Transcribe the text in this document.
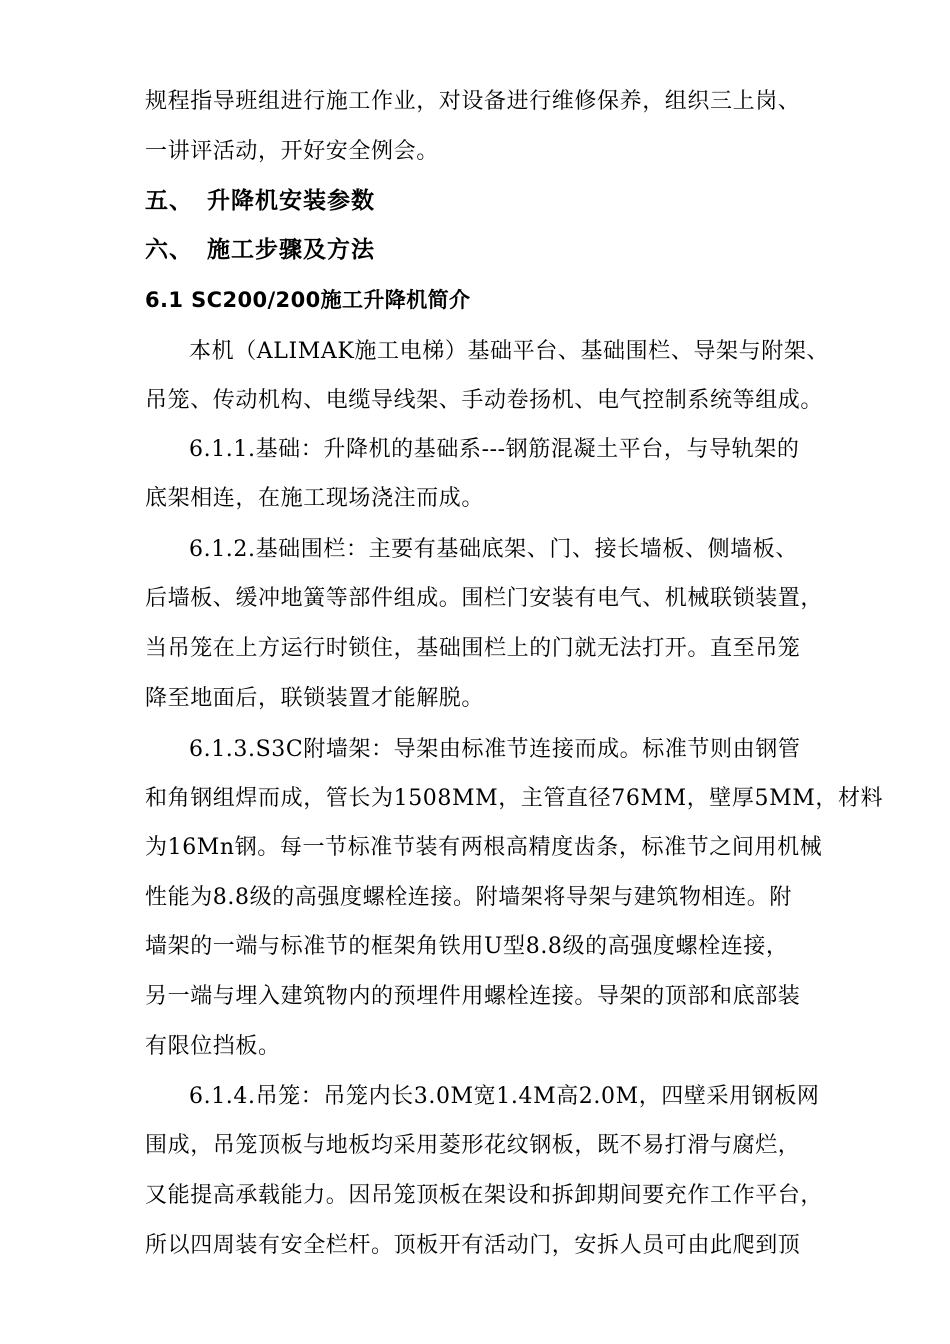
规程指导班组进行施工作业，对设备进行维修保养，组织三上岗、
一讲评活动，开好安全例会。
五、 升降机安装参数
六、 施工步骤及方法
6.1 SC200/200施工升降机简介
本机（ALIMAK施工电梯）基础平台、基础围栏、导架与附架、
吊笼、传动机构、电缆导线架、手动卷扬机、电气控制系统等组成。
6.1.1.基础：升降机的基础系---钢筋混凝土平台，与导轨架的
底架相连，在施工现场浇注而成。
6.1.2.基础围栏：主要有基础底架、门、接长墙板、侧墙板、
后墙板、缓冲地簧等部件组成。围栏门安装有电气、机械联锁装置，
当吊笼在上方运行时锁住，基础围栏上的门就无法打开。直至吊笼
降至地面后，联锁装置才能解脱。
6.1.3.S3C附墙架：导架由标准节连接而成。标准节则由钢管
和角钢组焊而成，管长为1508MM，主管直径76MM，壁厚5MM，材料
为16Mn钢。每一节标准节装有两根高精度齿条，标准节之间用机械
性能为8.8级的高强度螺栓连接。附墙架将导架与建筑物相连。附
墙架的一端与标准节的框架角铁用U型8.8级的高强度螺栓连接，
另一端与埋入建筑物内的预埋件用螺栓连接。导架的顶部和底部装
有限位挡板。
6.1.4.吊笼：吊笼内长3.0M宽1.4M高2.0M，四壁采用钢板网
围成，吊笼顶板与地板均采用菱形花纹钢板，既不易打滑与腐烂，
又能提高承载能力。因吊笼顶板在架设和拆卸期间要充作工作平台，
所以四周装有安全栏杆。顶板开有活动门，安拆人员可由此爬到顶
